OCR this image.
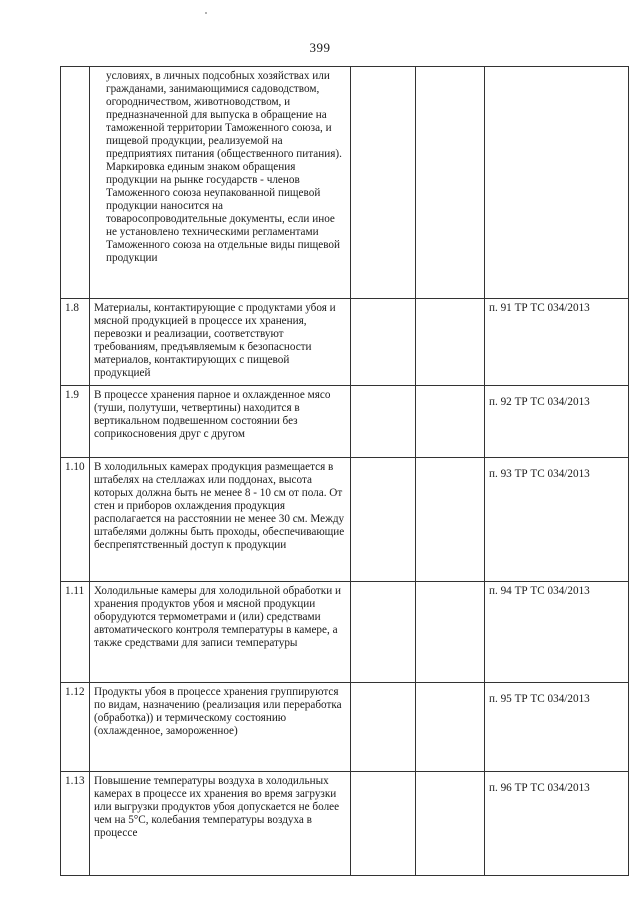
399

	условиях, в личных подсобных хозяйствах или гражданами, занимающимися садоводством, огородничеством, животноводством, и предназначенной для выпуска в обращение на таможенной территории Таможенного союза, и пищевой продукции, реализуемой на предприятиях питания (общественного питания). Маркировка единым знаком обращения продукции на рынке государств - членов Таможенного союза неупакованной пищевой продукции наносится на товаросопроводительные документы, если иное не установлено техническими регламентами Таможенного союза на отдельные виды пищевой продукции			

1.8	Материалы, контактирующие с продуктами убоя и мясной продукцией в процессе их хранения, перевозки и реализации, соответствуют требованиям, предъявляемым к безопасности материалов, контактирующих с пищевой продукцией			п. 91 ТР ТС 034/2013
1.9	В процессе хранения парное и охлажденное мясо (туши, полутуши, четвертины) находится в вертикальном подвешенном состоянии без соприкосновения друг с другом			п. 92 ТР ТС 034/2013
1.10	В холодильных камерах продукция размещается в штабелях на стеллажах или поддонах, высота которых должна быть не менее 8 - 10 см от пола. От стен и приборов охлаждения продукция располагается на расстоянии не менее 30 см. Между штабелями должны быть проходы, обеспечивающие беспрепятственный доступ к продукции			п. 93 ТР ТС 034/2013
1.11	Холодильные камеры для холодильной обработки и хранения продуктов убоя и мясной продукции оборудуются термометрами и (или) средствами автоматического контроля температуры в камере, а также средствами для записи температуры			п. 94 ТР ТС 034/2013
1.12	Продукты убоя в процессе хранения группируются по видам, назначению (реализация или переработка (обработка)) и термическому состоянию (охлажденное, замороженное)			п. 95 ТР ТС 034/2013
1.13	Повышение температуры воздуха в холодильных камерах в процессе их хранения во время загрузки или выгрузки продуктов убоя допускается не более чем на 5°С, колебания температуры воздуха в процессе			п. 96 ТР ТС 034/2013
